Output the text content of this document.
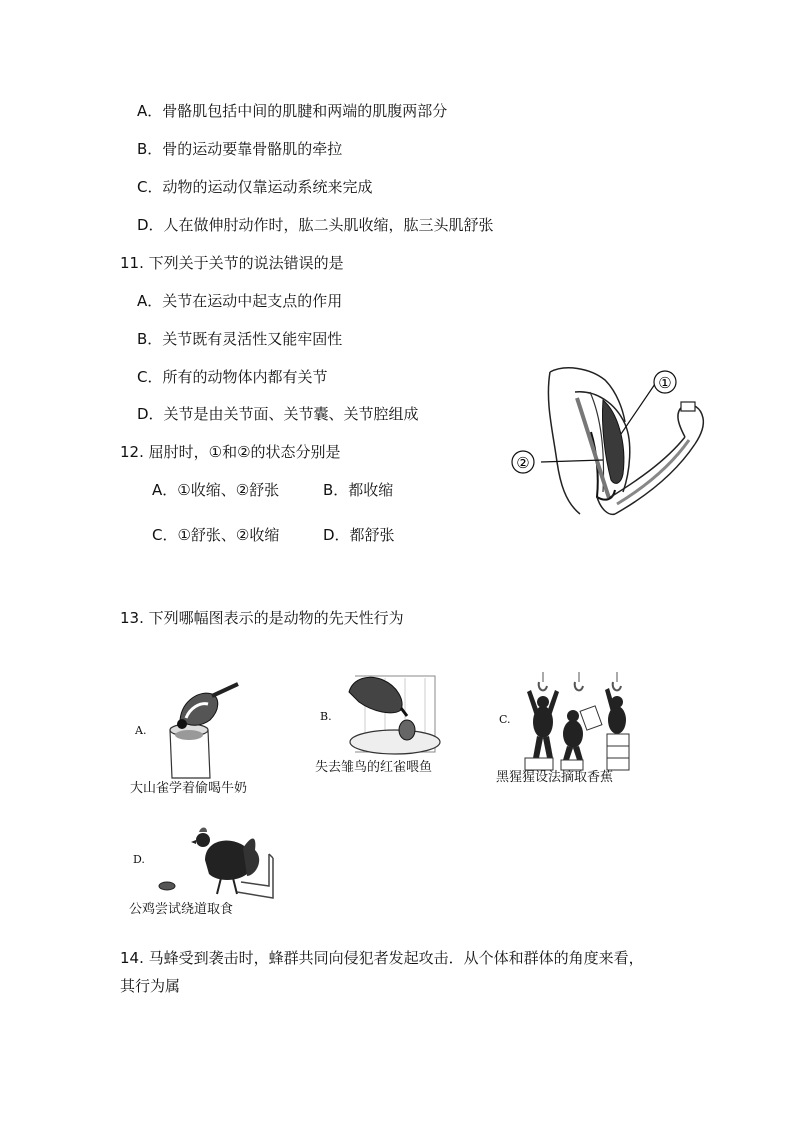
A．骨骼肌包括中间的肌腱和两端的肌腹两部分
B．骨的运动要靠骨骼肌的牵拉
C．动物的运动仅靠运动系统来完成
D．人在做伸肘动作时，肱二头肌收缩，肱三头肌舒张
11. 下列关于关节的说法错误的是
A．关节在运动中起支点的作用
B．关节既有灵活性又能牢固性
C．所有的动物体内都有关节
D．关节是由关节面、关节囊、关节腔组成
①
②
12. 屈肘时，①和②的状态分别是
A．①收缩、②舒张	B．都收缩
C．①舒张、②收缩	D．都舒张
13. 下列哪幅图表示的是动物的先天性行为
A.
大山雀学着偷喝牛奶
B.
失去雏鸟的红雀喂鱼
C.
黑猩猩设法摘取香蕉
D.
公鸡尝试绕道取食
14. 马蜂受到袭击时，蜂群共同向侵犯者发起攻击．从个体和群体的角度来看，
其行为属
